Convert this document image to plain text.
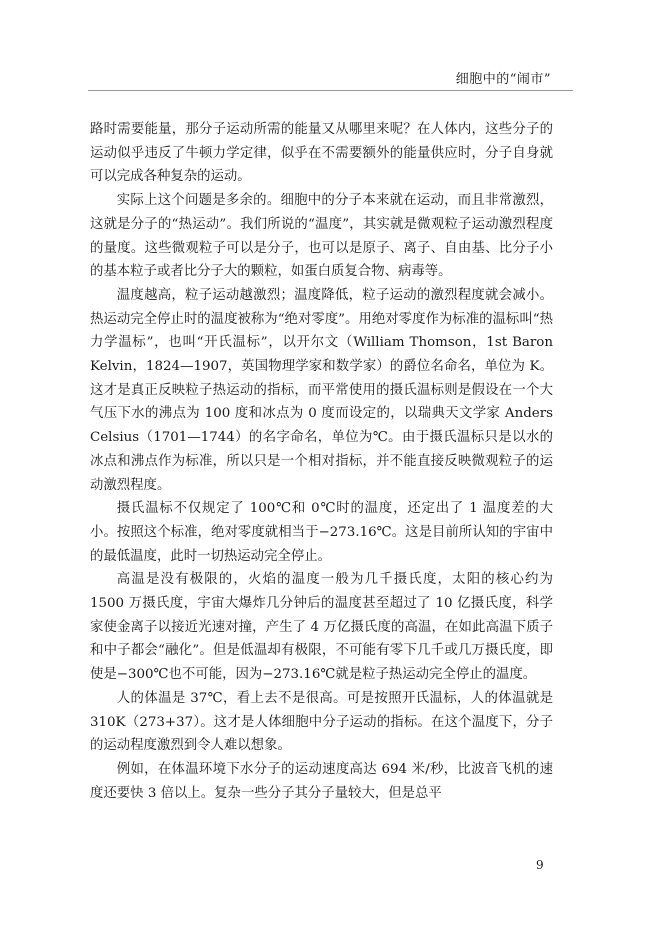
细胞中的“闹市”

路时需要能量，那分子运动所需的能量又从哪里来呢？在人体内，这些分子的运动似乎违反了牛顿力学定律，似乎在不需要额外的能量供应时，分子自身就可以完成各种复杂的运动。

实际上这个问题是多余的。细胞中的分子本来就在运动，而且非常激烈，这就是分子的“热运动”。我们所说的“温度”，其实就是微观粒子运动激烈程度的量度。这些微观粒子可以是分子，也可以是原子、离子、自由基、比分子小的基本粒子或者比分子大的颗粒，如蛋白质复合物、病毒等。

温度越高，粒子运动越激烈；温度降低，粒子运动的激烈程度就会减小。热运动完全停止时的温度被称为“绝对零度”。用绝对零度作为标准的温标叫“热力学温标”，也叫“开氏温标”，以开尔文（William Thomson，1st Baron Kelvin，1824—1907，英国物理学家和数学家）的爵位名命名，单位为 K。这才是真正反映粒子热运动的指标，而平常使用的摄氏温标则是假设在一个大气压下水的沸点为 100 度和冰点为 0 度而设定的，以瑞典天文学家 Anders Celsius（1701—1744）的名字命名，单位为℃。由于摄氏温标只是以水的冰点和沸点作为标准，所以只是一个相对指标，并不能直接反映微观粒子的运动激烈程度。

摄氏温标不仅规定了 100℃和 0℃时的温度，还定出了 1 温度差的大小。按照这个标准，绝对零度就相当于−273.16℃。这是目前所认知的宇宙中的最低温度，此时一切热运动完全停止。

高温是没有极限的，火焰的温度一般为几千摄氏度，太阳的核心约为 1500 万摄氏度，宇宙大爆炸几分钟后的温度甚至超过了 10 亿摄氏度，科学家使金离子以接近光速对撞，产生了 4 万亿摄氏度的高温，在如此高温下质子和中子都会“融化”。但是低温却有极限，不可能有零下几千或几万摄氏度，即使是−300℃也不可能，因为−273.16℃就是粒子热运动完全停止的温度。

人的体温是 37℃，看上去不是很高。可是按照开氏温标，人的体温就是 310K（273+37）。这才是人体细胞中分子运动的指标。在这个温度下，分子的运动程度激烈到令人难以想象。

例如，在体温环境下水分子的运动速度高达 694 米/秒，比波音飞机的速度还要快 3 倍以上。复杂一些分子其分子量较大，但是总平

9
